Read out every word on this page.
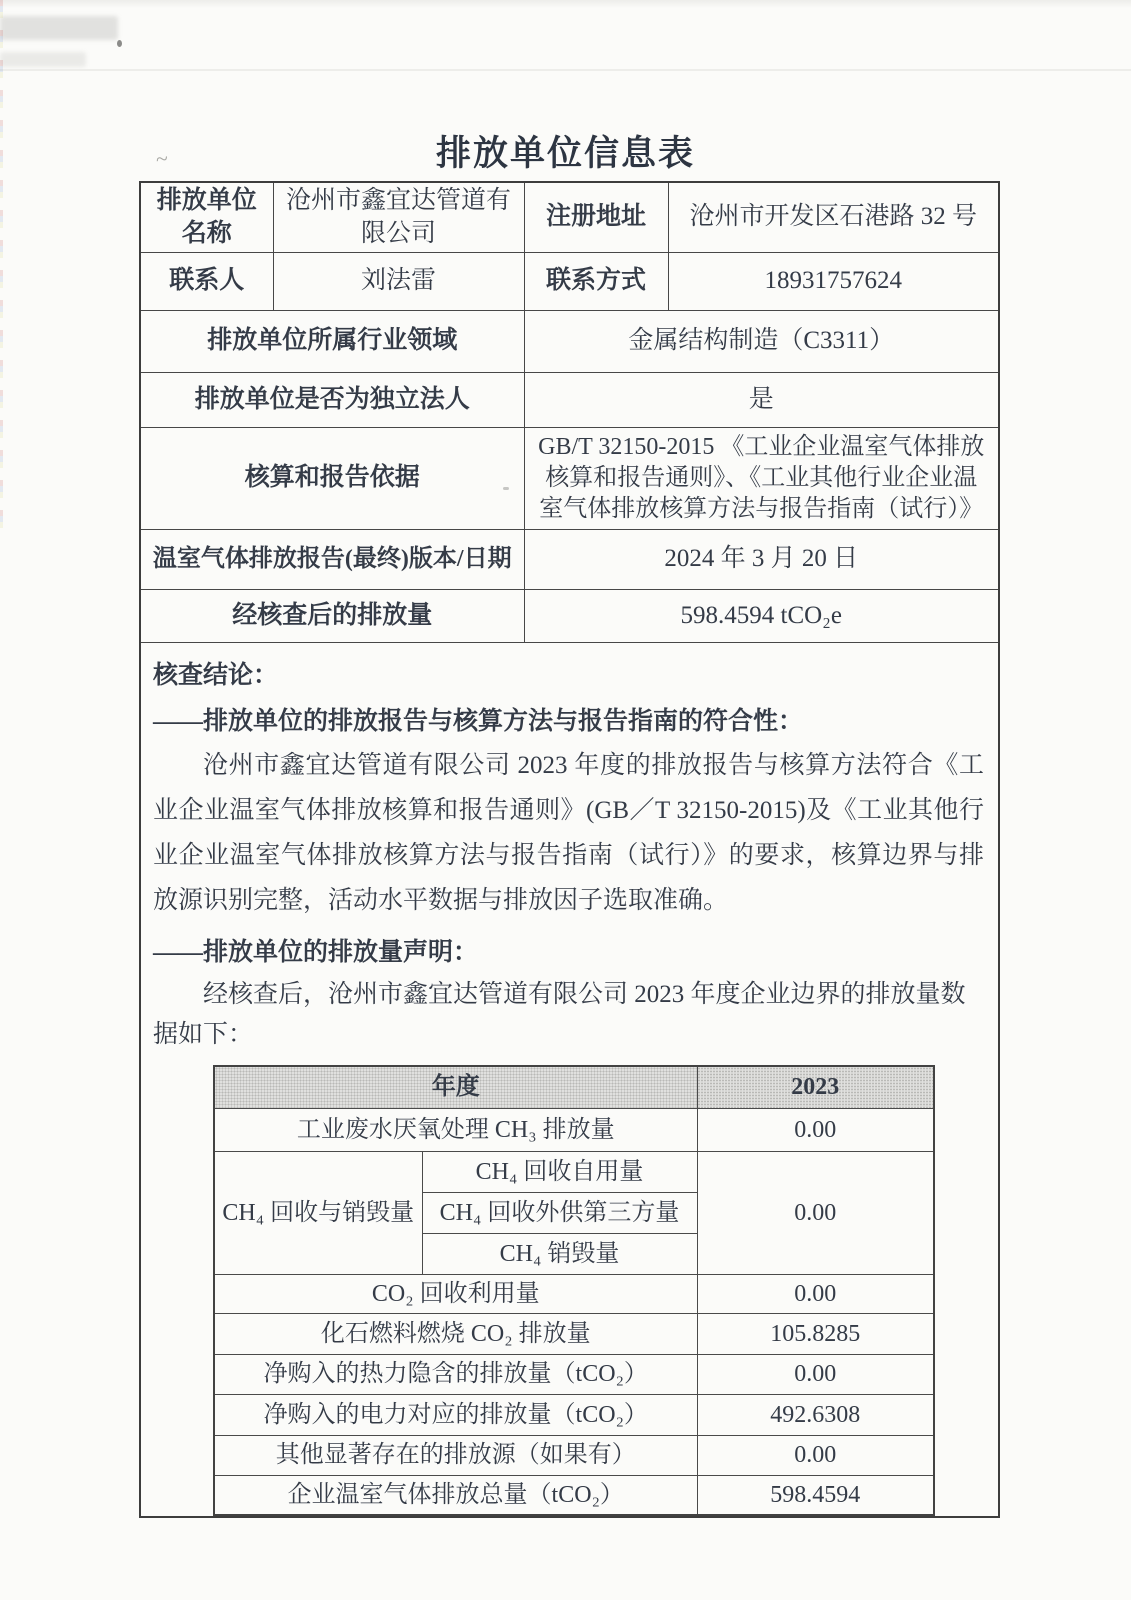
~	排放单位信息表
排放单位名称	沧州市鑫宜达管道有限公司	注册地址	沧州市开发区石港路 32 号
联系人	刘法雷	联系方式	18931757624
排放单位所属行业领域	金属结构制造（C3311）
排放单位是否为独立法人	是
核算和报告依据	GB/T 32150-2015 《工业企业温室气体排放核算和报告通则》、《工业其他行业企业温室气体排放核算方法与报告指南（试行）》
温室气体排放报告(最终)版本/日期	2024 年 3 月 20 日
经核查后的排放量	598.4594 tCO₂e

核查结论：

——排放单位的排放报告与核算方法与报告指南的符合性：

沧州市鑫宜达管道有限公司 2023 年度的排放报告与核算方法符合《工业企业温室气体排放核算和报告通则》(GB／T 32150-2015)及《工业其他行业企业温室气体排放核算方法与报告指南（试行）》的要求，核算边界与排放源识别完整，活动水平数据与排放因子选取准确。

——排放单位的排放量声明：

经核查后，沧州市鑫宜达管道有限公司 2023 年度企业边界的排放量数据如下：

年度	2023
工业废水厌氧处理 CH₃ 排放量	0.00
CH₄ 回收与销毁量	CH₄ 回收自用量	0.00
CH₄ 回收外供第三方量
CH₄ 销毁量
CO₂ 回收利用量	0.00
化石燃料燃烧 CO₂ 排放量	105.8285
净购入的热力隐含的排放量（tCO₂）	0.00
净购入的电力对应的排放量（tCO₂）	492.6308
其他显著存在的排放源（如果有）	0.00
企业温室气体排放总量（tCO₂）	598.4594
